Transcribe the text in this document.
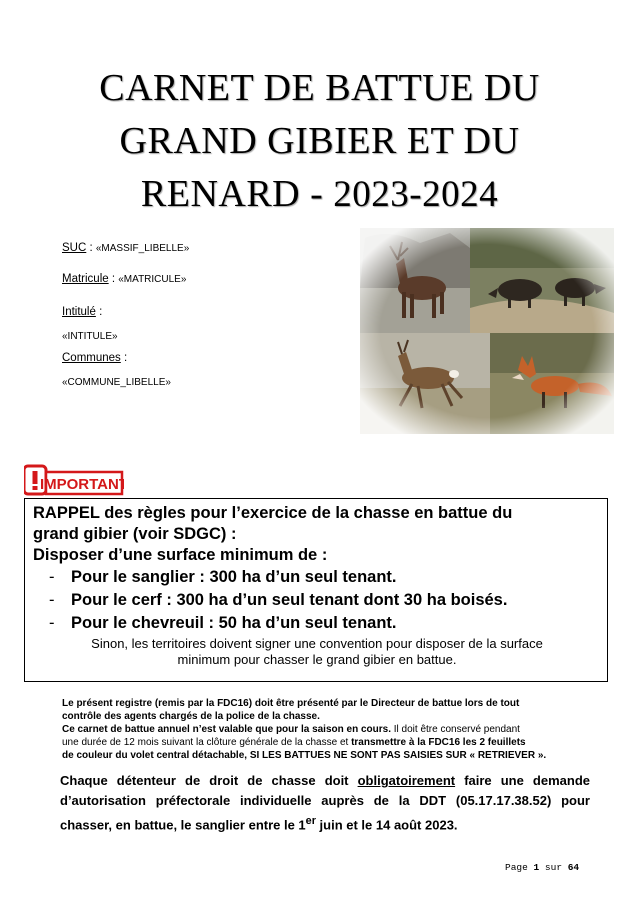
CARNET DE BATTUE DU
GRAND GIBIER ET DU
RENARD - 2023-2024
SUC : «MASSIF_LIBELLE»
Matricule : «MATRICULE»
Intitulé :
«INTITULE»
Communes :
«COMMUNE_LIBELLE»
IMPORTANT
RAPPEL des règles pour l’exercice de la chasse en battue du
grand gibier (voir SDGC) :
Disposer d’une surface minimum de :
- Pour le sanglier : 300 ha d’un seul tenant.
- Pour le cerf : 300 ha d’un seul tenant dont 30 ha boisés.
- Pour le chevreuil : 50 ha d’un seul tenant.
Sinon, les territoires doivent signer une convention pour disposer de la surface
minimum pour chasser le grand gibier en battue.
Le présent registre (remis par la FDC16) doit être présenté par le Directeur de battue lors de tout
contrôle des agents chargés de la police de la chasse.
Ce carnet de battue annuel n’est valable que pour la saison en cours. Il doit être conservé pendant
une durée de 12 mois suivant la clôture générale de la chasse et transmettre à la FDC16 les 2 feuillets
de couleur du volet central détachable, SI LES BATTUES NE SONT PAS SAISIES SUR « RETRIEVER ».
Chaque détenteur de droit de chasse doit obligatoirement faire une demande d’autorisation préfectorale individuelle auprès de la DDT (05.17.17.38.52) pour chasser, en battue, le sanglier entre le 1er juin et le 14 août 2023.
Page 1 sur 64
